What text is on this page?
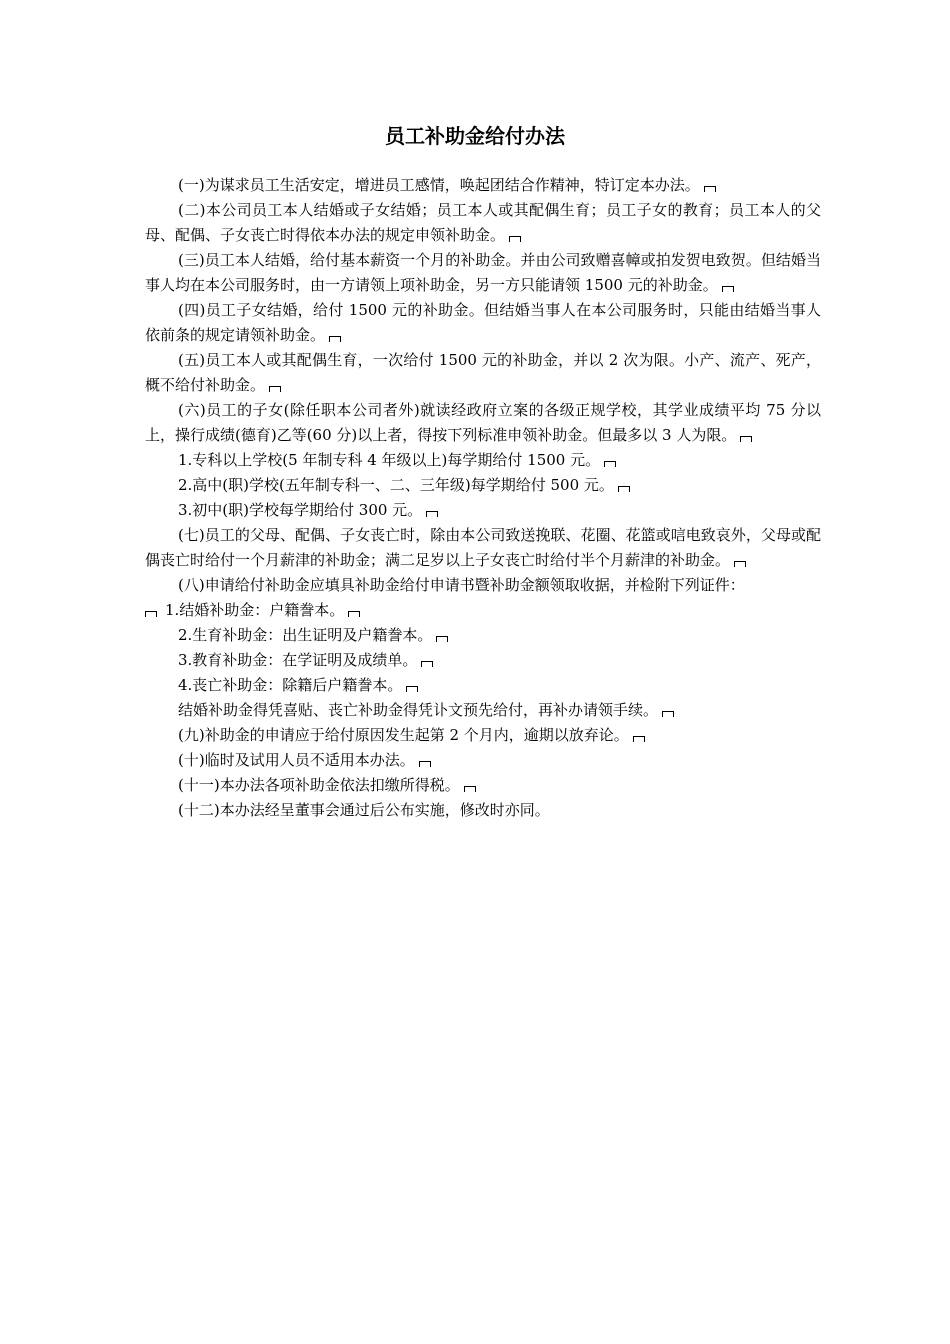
员工补助金给付办法

(一)为谋求员工生活安定，增进员工感情，唤起团结合作精神，特订定本办法。

(二)本公司员工本人结婚或子女结婚；员工本人或其配偶生育；员工子女的教育；员工本人的父母、配偶、子女丧亡时得依本办法的规定申领补助金。

(三)员工本人结婚，给付基本薪资一个月的补助金。并由公司致赠喜幛或拍发贺电致贺。但结婚当事人均在本公司服务时，由一方请领上项补助金，另一方只能请领 1500 元的补助金。

(四)员工子女结婚，给付 1500 元的补助金。但结婚当事人在本公司服务时，只能由结婚当事人依前条的规定请领补助金。

(五)员工本人或其配偶生育，一次给付 1500 元的补助金，并以 2 次为限。小产、流产、死产，概不给付补助金。

(六)员工的子女(除任职本公司者外)就读经政府立案的各级正规学校，其学业成绩平均 75 分以上，操行成绩(德育)乙等(60 分)以上者，得按下列标准申领补助金。但最多以 3 人为限。

1.专科以上学校(5 年制专科 4 年级以上)每学期给付 1500 元。

2.高中(职)学校(五年制专科一、二、三年级)每学期给付 500 元。

3.初中(职)学校每学期给付 300 元。

(七)员工的父母、配偶、子女丧亡时，除由本公司致送挽联、花圈、花篮或唁电致哀外，父母或配偶丧亡时给付一个月薪津的补助金；满二足岁以上子女丧亡时给付半个月薪津的补助金。

(八)申请给付补助金应填具补助金给付申请书暨补助金额领取收据，并检附下列证件：

1.结婚补助金：户籍誊本。

2.生育补助金：出生证明及户籍誊本。

3.教育补助金：在学证明及成绩单。

4.丧亡补助金：除籍后户籍誊本。

结婚补助金得凭喜贴、丧亡补助金得凭讣文预先给付，再补办请领手续。

(九)补助金的申请应于给付原因发生起第 2 个月内，逾期以放弃论。

(十)临时及试用人员不适用本办法。

(十一)本办法各项补助金依法扣缴所得税。

(十二)本办法经呈董事会通过后公布实施，修改时亦同。
